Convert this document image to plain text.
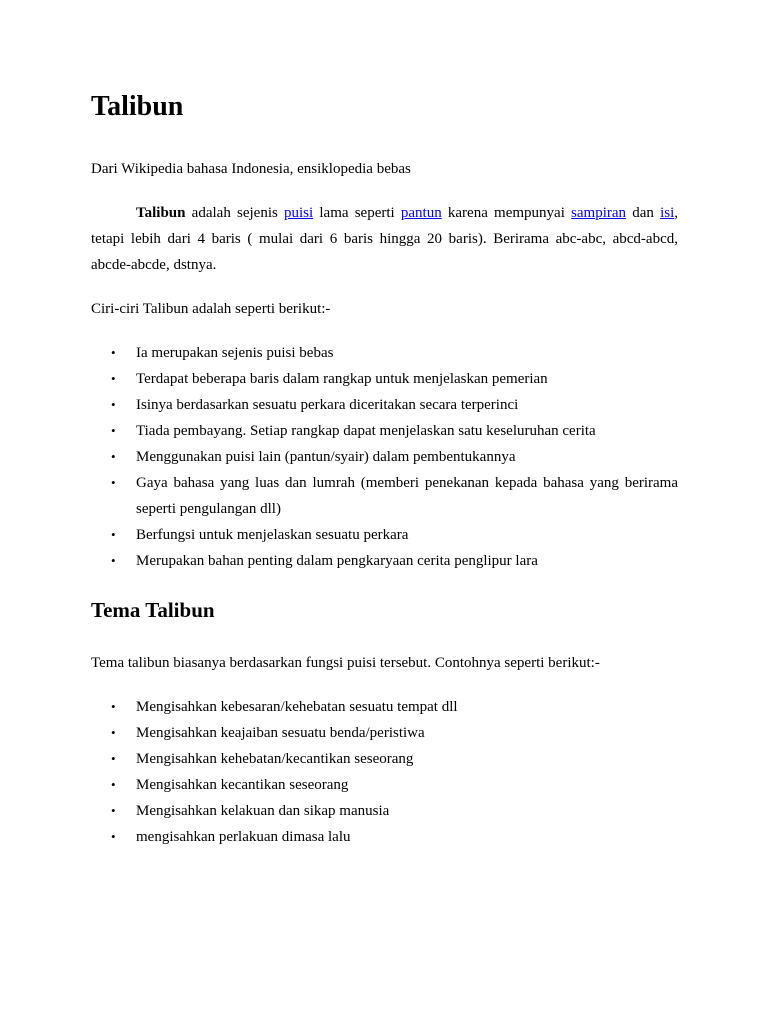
Talibun

Dari Wikipedia bahasa Indonesia, ensiklopedia bebas

Talibun adalah sejenis puisi lama seperti pantun karena mempunyai sampiran dan isi, tetapi lebih dari 4 baris ( mulai dari 6 baris hingga 20 baris). Berirama abc-abc, abcd-abcd, abcde-abcde, dstnya.

Ciri-ciri Talibun adalah seperti berikut:-

• Ia merupakan sejenis puisi bebas
• Terdapat beberapa baris dalam rangkap untuk menjelaskan pemerian
• Isinya berdasarkan sesuatu perkara diceritakan secara terperinci
• Tiada pembayang. Setiap rangkap dapat menjelaskan satu keseluruhan cerita
• Menggunakan puisi lain (pantun/syair) dalam pembentukannya
• Gaya bahasa yang luas dan lumrah (memberi penekanan kepada bahasa yang berirama seperti pengulangan dll)
• Berfungsi untuk menjelaskan sesuatu perkara
• Merupakan bahan penting dalam pengkaryaan cerita penglipur lara
Tema Talibun

Tema talibun biasanya berdasarkan fungsi puisi tersebut. Contohnya seperti berikut:-

• Mengisahkan kebesaran/kehebatan sesuatu tempat dll
• Mengisahkan keajaiban sesuatu benda/peristiwa
• Mengisahkan kehebatan/kecantikan seseorang
• Mengisahkan kecantikan seseorang
• Mengisahkan kelakuan dan sikap manusia
• mengisahkan perlakuan dimasa lalu
